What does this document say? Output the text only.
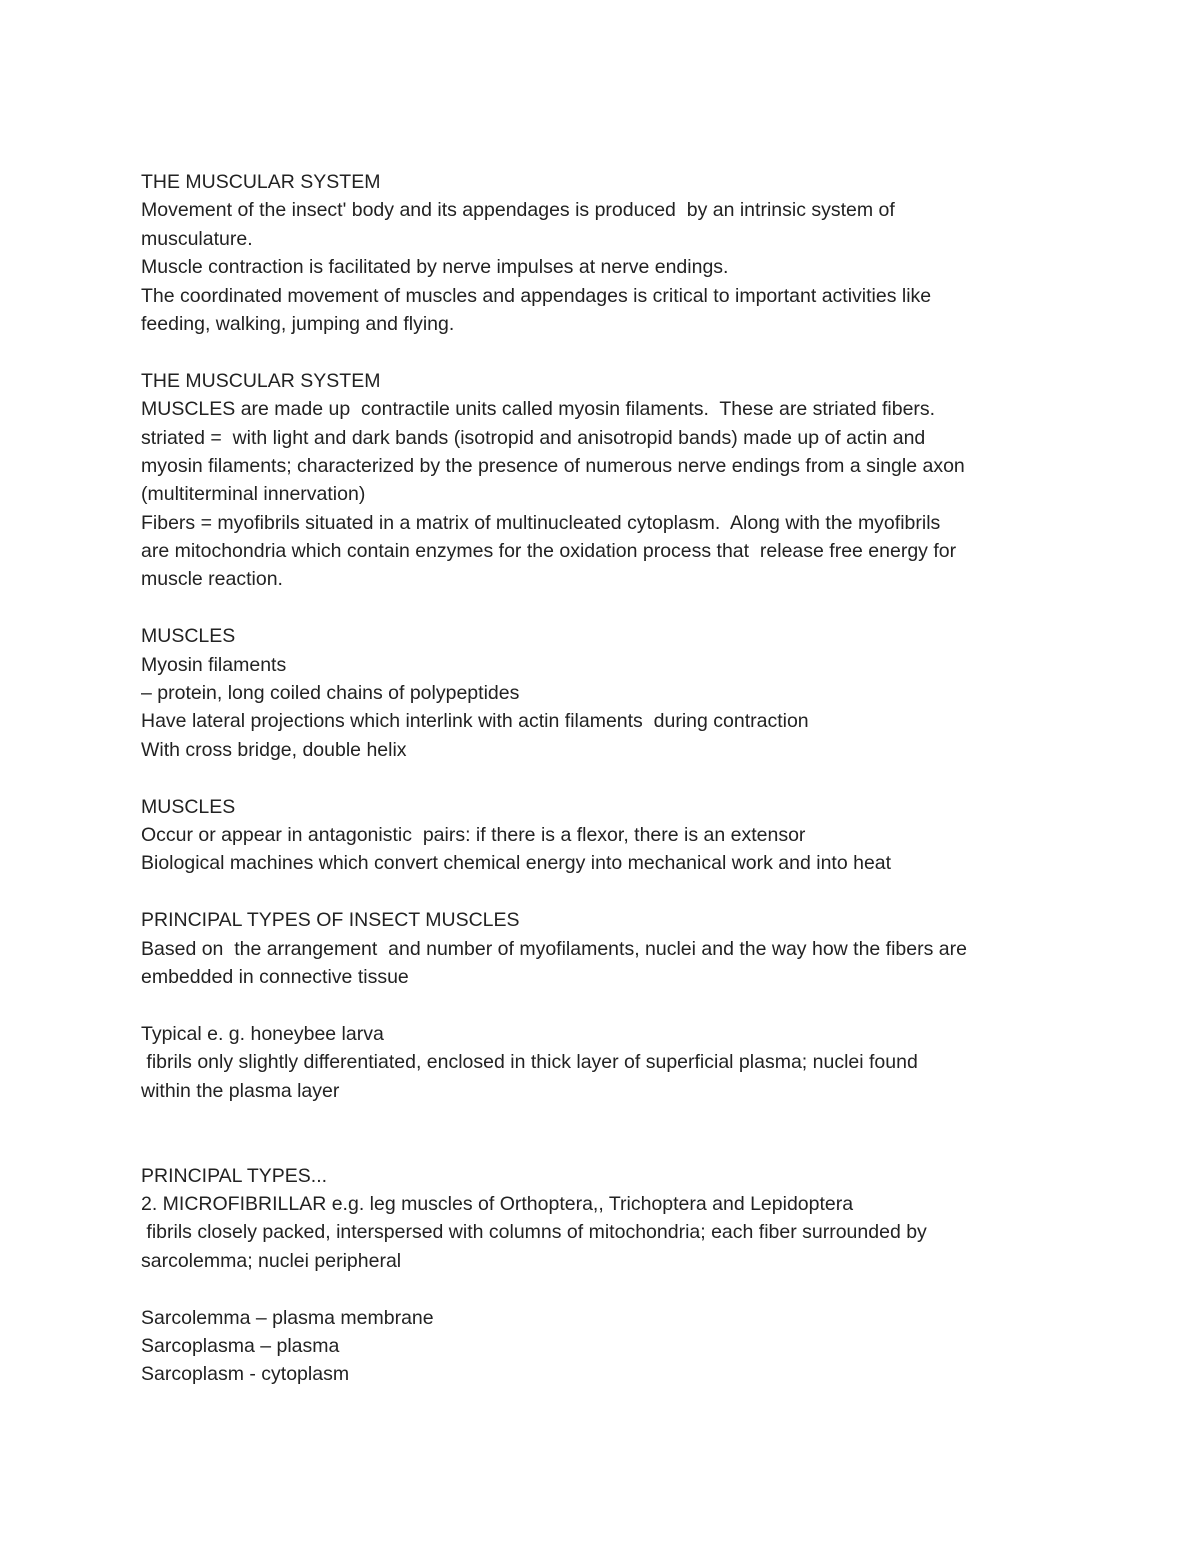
THE MUSCULAR SYSTEM
Movement of the insect' body and its appendages is produced  by an intrinsic system of
musculature.
Muscle contraction is facilitated by nerve impulses at nerve endings.
The coordinated movement of muscles and appendages is critical to important activities like
feeding, walking, jumping and flying.
THE MUSCULAR SYSTEM
MUSCLES are made up  contractile units called myosin filaments.  These are striated fibers.
striated =  with light and dark bands (isotropid and anisotropid bands) made up of actin and
myosin filaments; characterized by the presence of numerous nerve endings from a single axon
(multiterminal innervation)
Fibers = myofibrils situated in a matrix of multinucleated cytoplasm.  Along with the myofibrils
are mitochondria which contain enzymes for the oxidation process that  release free energy for
muscle reaction.
MUSCLES
Myosin filaments
– protein, long coiled chains of polypeptides
Have lateral projections which interlink with actin filaments  during contraction
With cross bridge, double helix
MUSCLES
Occur or appear in antagonistic  pairs: if there is a flexor, there is an extensor
Biological machines which convert chemical energy into mechanical work and into heat
PRINCIPAL TYPES OF INSECT MUSCLES
Based on  the arrangement  and number of myofilaments, nuclei and the way how the fibers are
embedded in connective tissue
Typical e. g. honeybee larva
fibrils only slightly differentiated, enclosed in thick layer of superficial plasma; nuclei found
within the plasma layer
PRINCIPAL TYPES...
2. MICROFIBRILLAR e.g. leg muscles of Orthoptera,, Trichoptera and Lepidoptera
fibrils closely packed, interspersed with columns of mitochondria; each fiber surrounded by
sarcolemma; nuclei peripheral
Sarcolemma – plasma membrane
Sarcoplasma – plasma
Sarcoplasm - cytoplasm
